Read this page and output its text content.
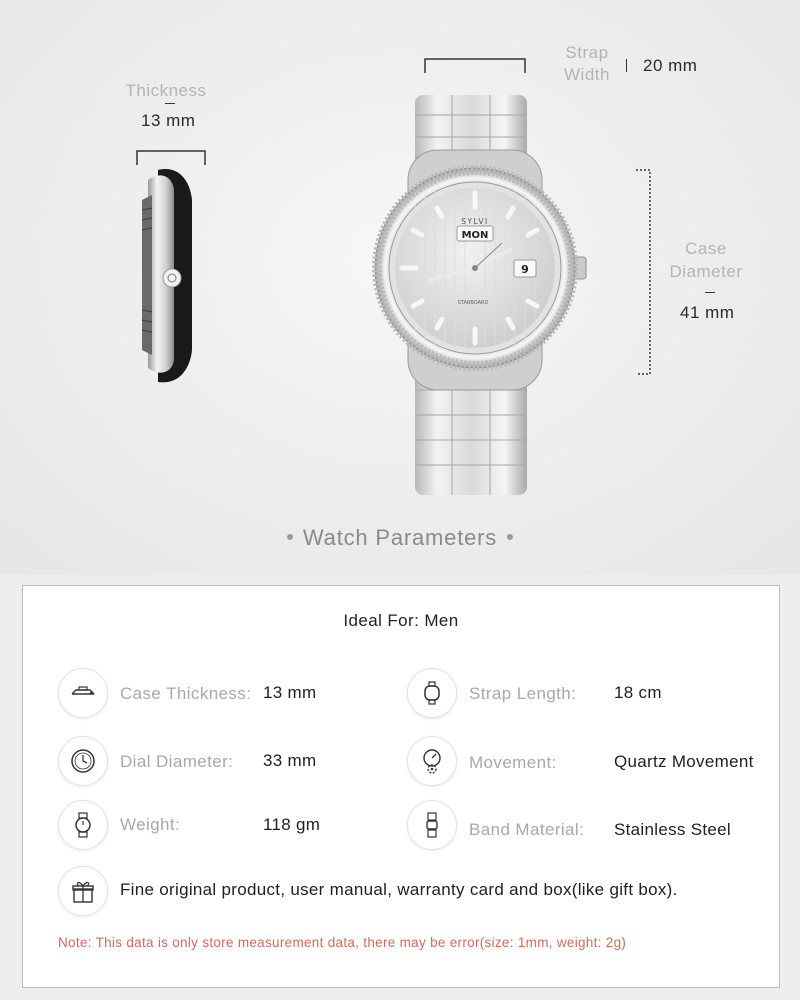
Thickness
13 mm
Strap
Width	20 mm
MON
9
SYLVI
STARBOARD
Case
Diameter
41 mm
Watch Parameters
Ideal For: Men
Case Thickness: 13 mm	Strap Length: 18 cm
Dial Diameter: 33 mm	Movement:	Quartz Movement
Weight:	118 gm	Band Material: Stainless Steel
Fine original product, user manual, warranty card and box(like gift box).
Note: This data is only store measurement data, there may be error(size: 1mm, weight: 2g)
